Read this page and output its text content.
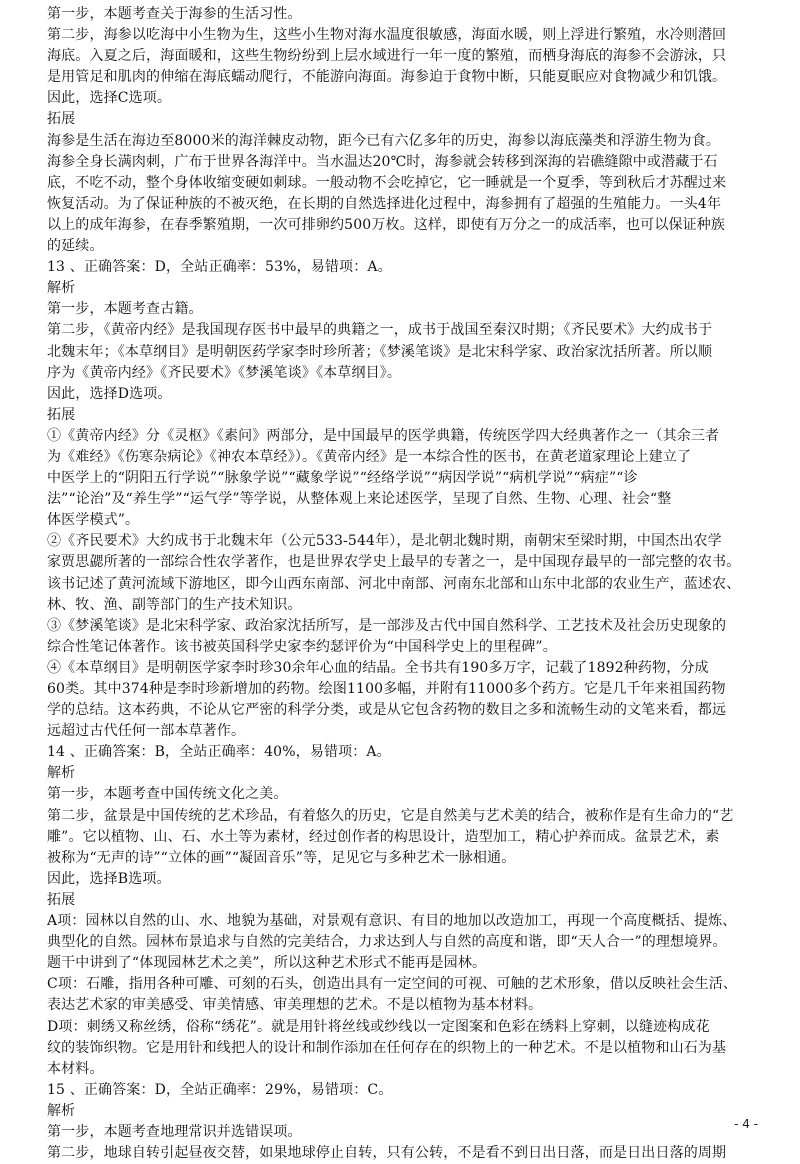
第一步，本题考查关于海参的生活习性。
第二步，海参以吃海中小生物为生，这些小生物对海水温度很敏感，海面水暖，则上浮进行繁殖，水冷则潜回
海底。入夏之后，海面暖和，这些生物纷纷到上层水域进行一年一度的繁殖，而栖身海底的海参不会游泳，只
是用管足和肌肉的伸缩在海底蠕动爬行，不能游向海面。海参迫于食物中断，只能夏眠应对食物减少和饥饿。
因此，选择C选项。
拓展
海参是生活在海边至8000米的海洋棘皮动物，距今已有六亿多年的历史，海参以海底藻类和浮游生物为食。
海参全身长满肉刺，广布于世界各海洋中。当水温达20℃时，海参就会转移到深海的岩礁缝隙中或潜藏于石
底，不吃不动，整个身体收缩变硬如刺球。一般动物不会吃掉它，它一睡就是一个夏季，等到秋后才苏醒过来
恢复活动。为了保证种族的不被灭绝，在长期的自然选择进化过程中，海参拥有了超强的生殖能力。一头4年
以上的成年海参，在春季繁殖期，一次可排卵约500万枚。这样，即使有万分之一的成活率，也可以保证种族
的延续。
13 、正确答案：D，全站正确率：53%，易错项：A。
解析
第一步，本题考查古籍。
第二步，《黄帝内经》是我国现存医书中最早的典籍之一，成书于战国至秦汉时期；《齐民要术》大约成书于
北魏末年；《本草纲目》是明朝医药学家李时珍所著；《梦溪笔谈》是北宋科学家、政治家沈括所著。所以顺
序为《黄帝内经》《齐民要术》《梦溪笔谈》《本草纲目》。
因此，选择D选项。
拓展
①《黄帝内经》分《灵枢》《素问》两部分，是中国最早的医学典籍，传统医学四大经典著作之一（其余三者
为《难经》《伤寒杂病论》《神农本草经》）。《黄帝内经》是一本综合性的医书，在黄老道家理论上建立了
中医学上的“阴阳五行学说”“脉象学说”“藏象学说”“经络学说”“病因学说”“病机学说”“病症”“诊
法”“论治”及“养生学”“运气学”等学说，从整体观上来论述医学，呈现了自然、生物、心理、社会“整
体医学模式”。
②《齐民要术》大约成书于北魏末年（公元533-544年），是北朝北魏时期，南朝宋至梁时期，中国杰出农学
家贾思勰所著的一部综合性农学著作，也是世界农学史上最早的专著之一，是中国现存最早的一部完整的农书。
该书记述了黄河流域下游地区，即今山西东南部、河北中南部、河南东北部和山东中北部的农业生产，蓝述农、
林、牧、渔、副等部门的生产技术知识。
③《梦溪笔谈》是北宋科学家、政治家沈括所写，是一部涉及古代中国自然科学、工艺技术及社会历史现象的
综合性笔记体著作。该书被英国科学史家李约瑟评价为“中国科学史上的里程碑”。
④《本草纲目》是明朝医学家李时珍30余年心血的结晶。全书共有190多万字，记载了1892种药物，分成
60类。其中374种是李时珍新增加的药物。绘图1100多幅，并附有11000多个药方。它是几千年来祖国药物
学的总结。这本药典，不论从它严密的科学分类，或是从它包含药物的数目之多和流畅生动的文笔来看，都远
远超过古代任何一部本草著作。
14 、正确答案：B，全站正确率：40%，易错项：A。
解析
第一步，本题考查中国传统文化之美。
第二步，盆景是中国传统的艺术珍品，有着悠久的历史，它是自然美与艺术美的结合，被称作是有生命力的“艺
雕”。它以植物、山、石、水土等为素材，经过创作者的构思设计，造型加工，精心护养而成。盆景艺术，素
被称为“无声的诗”“立体的画”“凝固音乐”等，足见它与多种艺术一脉相通。
因此，选择B选项。
拓展
A项：园林以自然的山、水、地貌为基础，对景观有意识、有目的地加以改造加工，再现一个高度概括、提炼、
典型化的自然。园林布景追求与自然的完美结合，力求达到人与自然的高度和谐，即“天人合一”的理想境界。
题干中讲到了“体现园林艺术之美”，所以这种艺术形式不能再是园林。
C项：石雕，指用各种可雕、可刻的石头，创造出具有一定空间的可视、可触的艺术形象，借以反映社会生活、
表达艺术家的审美感受、审美情感、审美理想的艺术。不是以植物为基本材料。
D项：刺绣又称丝绣，俗称“绣花”。就是用针将丝线或纱线以一定图案和色彩在绣料上穿刺，以缝迹构成花
纹的装饰织物。它是用针和线把人的设计和制作添加在任何存在的织物上的一种艺术。不是以植物和山石为基
本材料。
15 、正确答案：D，全站正确率：29%，易错项：C。
解析
第一步，本题考查地理常识并选错误项。
第二步，地球自转引起昼夜交替，如果地球停止自转，只有公转，不是看不到日出日落，而是日出日落的周期
- 4 -
